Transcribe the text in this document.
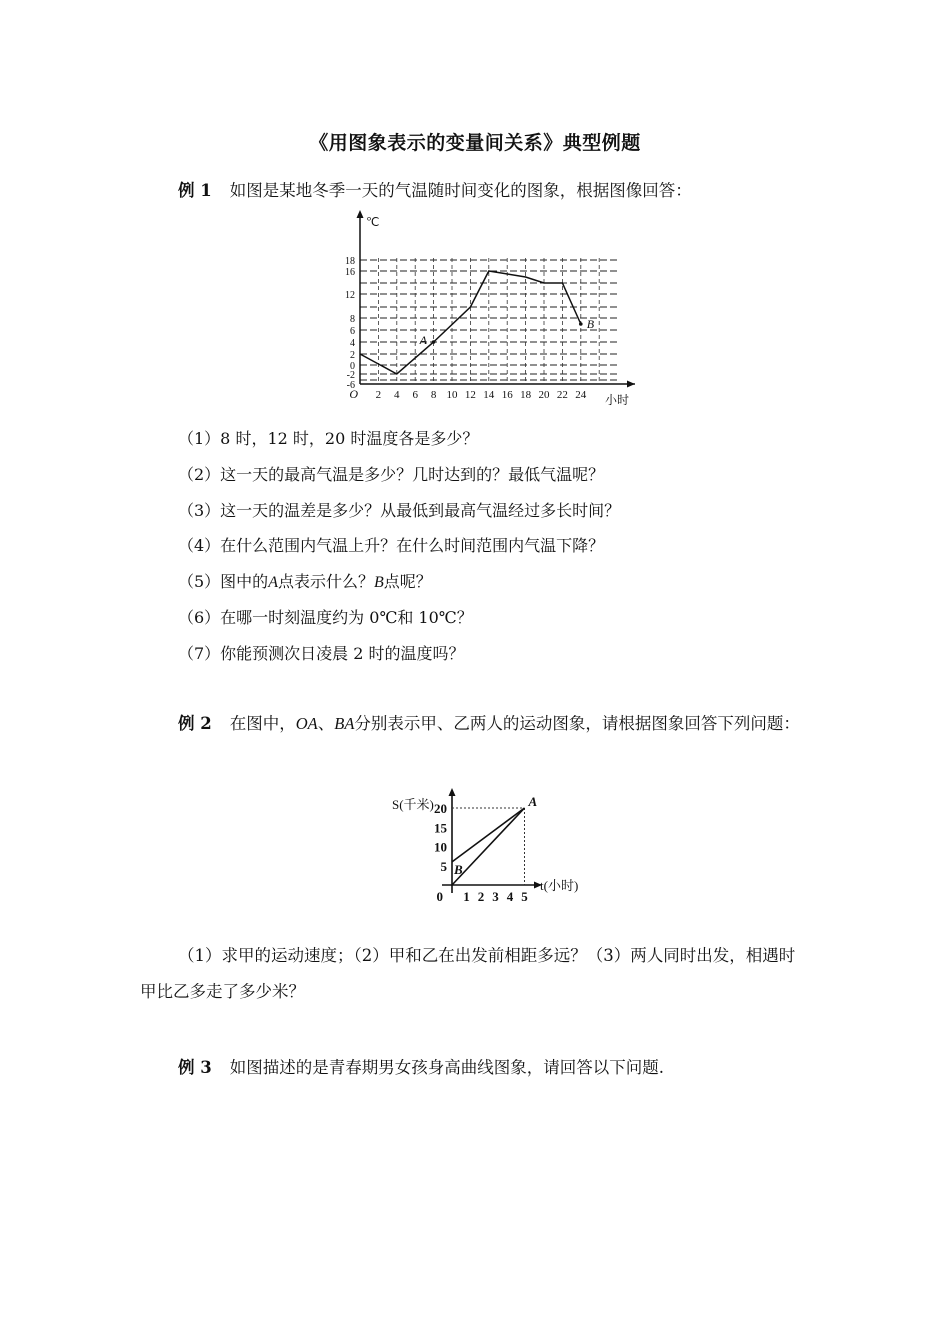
《用图象表示的变量间关系》典型例题
例 1 如图是某地冬季一天的气温随时间变化的图象，根据图像回答：
℃
小时
O 2 4 6 8 10 12 14 16 18 20 22 24
-6
-2
0
2
4
6
8
12
16
18
A
B
（1）8 时，12 时，20 时温度各是多少？
（2）这一天的最高气温是多少？几时达到的？最低气温呢？
（3）这一天的温差是多少？从最低到最高气温经过多长时间？
（4）在什么范围内气温上升？在什么时间范围内气温下降？
（5）图中的A点表示什么？B点呢？
（6）在哪一时刻温度约为 0℃和 10℃？
（7）你能预测次日凌晨 2 时的温度吗？
例 2 在图中，OA、BA分别表示甲、乙两人的运动图象，请根据图象回答下列问题：
S(千米)
t(小时)
0 1 2 3 4 5
5
10
15
20	A
B
（1）求甲的运动速度；（2）甲和乙在出发前相距多远？（3）两人同时出发，相遇时甲比乙多走了多少米？
例 3 如图描述的是青春期男女孩身高曲线图象，请回答以下问题.
